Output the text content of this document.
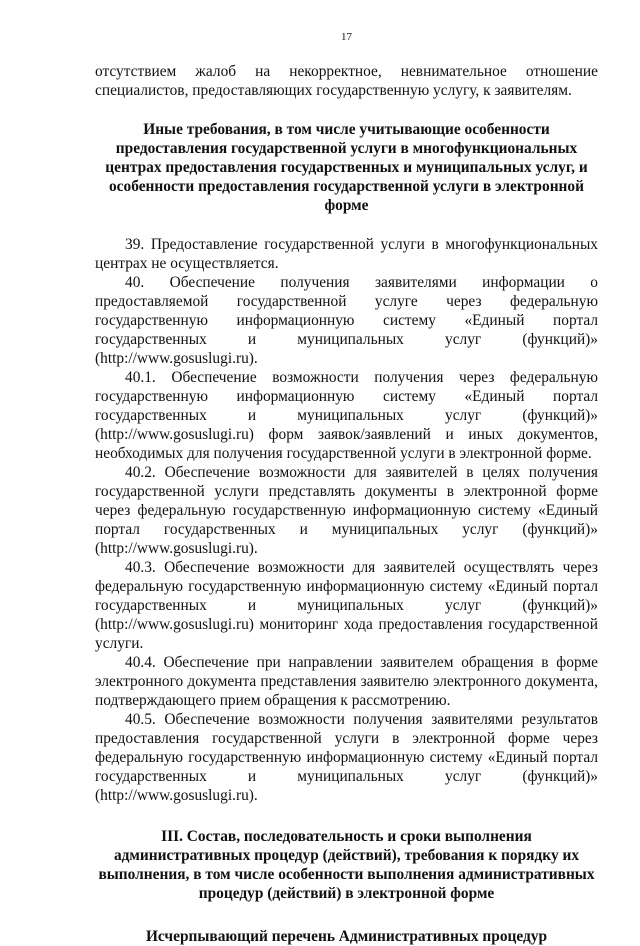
17

отсутствием жалоб на некорректное, невнимательное отношение специалистов, предоставляющих государственную услугу, к заявителям.

Иные требования, в том числе учитывающие особенности предоставления государственной услуги в многофункциональных центрах предоставления государственных и муниципальных услуг, и особенности предоставления государственной услуги в электронной форме

39. Предоставление государственной услуги в многофункциональных центрах не осуществляется.

40. Обеспечение получения заявителями информации о предоставляемой государственной услуге через федеральную государственную информационную систему «Единый портал государственных и муниципальных услуг (функций)» (http://www.gosuslugi.ru).

40.1. Обеспечение возможности получения через федеральную государственную информационную систему «Единый портал государственных и муниципальных услуг (функций)» (http://www.gosuslugi.ru) форм заявок/заявлений и иных документов, необходимых для получения государственной услуги в электронной форме.

40.2. Обеспечение возможности для заявителей в целях получения государственной услуги представлять документы в электронной форме через федеральную государственную информационную систему «Единый портал государственных и муниципальных услуг (функций)» (http://www.gosuslugi.ru).

40.3. Обеспечение возможности для заявителей осуществлять через федеральную государственную информационную систему «Единый портал государственных и муниципальных услуг (функций)» (http://www.gosuslugi.ru) мониторинг хода предоставления государственной услуги.

40.4. Обеспечение при направлении заявителем обращения в форме электронного документа представления заявителю электронного документа, подтверждающего прием обращения к рассмотрению.

40.5. Обеспечение возможности получения заявителями результатов предоставления государственной услуги в электронной форме через федеральную государственную информационную систему «Единый портал государственных и муниципальных услуг (функций)» (http://www.gosuslugi.ru).

III. Состав, последовательность и сроки выполнения административных процедур (действий), требования к порядку их выполнения, в том числе особенности выполнения административных процедур (действий) в электронной форме

Исчерпывающий перечень Административных процедур
